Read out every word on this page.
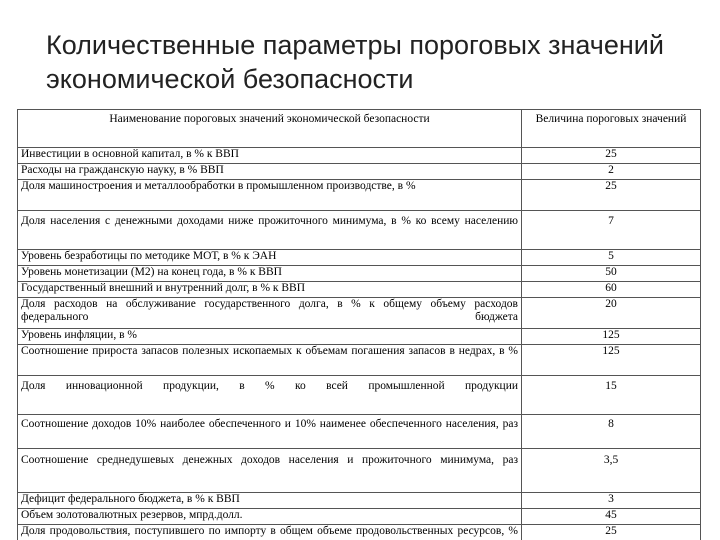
Количественные параметры пороговых значений
экономической безопасности
Наименование пороговых значений экономической безопасности	Величина пороговых значений
Инвестиции в основной капитал, в % к ВВП	25
Расходы на гражданскую науку, в % ВВП	2
Доля машиностроения и металлообработки в промышленном производстве, в %	25
Доля населения с денежными доходами ниже прожиточного минимума, в % ко всему населению	7
Уровень безработицы по методике МОТ, в % к ЭАН	5
Уровень монетизации (М2) на конец года, в % к ВВП	50
Государственный внешний и внутренний долг, в % к ВВП	60
Доля расходов на обслуживание государственного долга, в % к общему объему расходов федерального бюджета	20
Уровень инфляции, в %	125
Соотношение прироста запасов полезных ископаемых к объемам погашения запасов в недрах, в %	125
Доля инновационной продукции, в % ко всей промышленной продукции	15
Соотношение доходов 10% наиболее обеспеченного и 10% наименее обеспеченного населения, раз	8
Соотношение среднедушевых денежных доходов населения и прожиточного минимума, раз	3,5
Дефицит федерального бюджета, в % к ВВП	3
Объем золотовалютных резервов, мпрд.долл.	45
Доля продовольствия, поступившего по импорту в общем объеме продовольственных ресурсов, %	25
